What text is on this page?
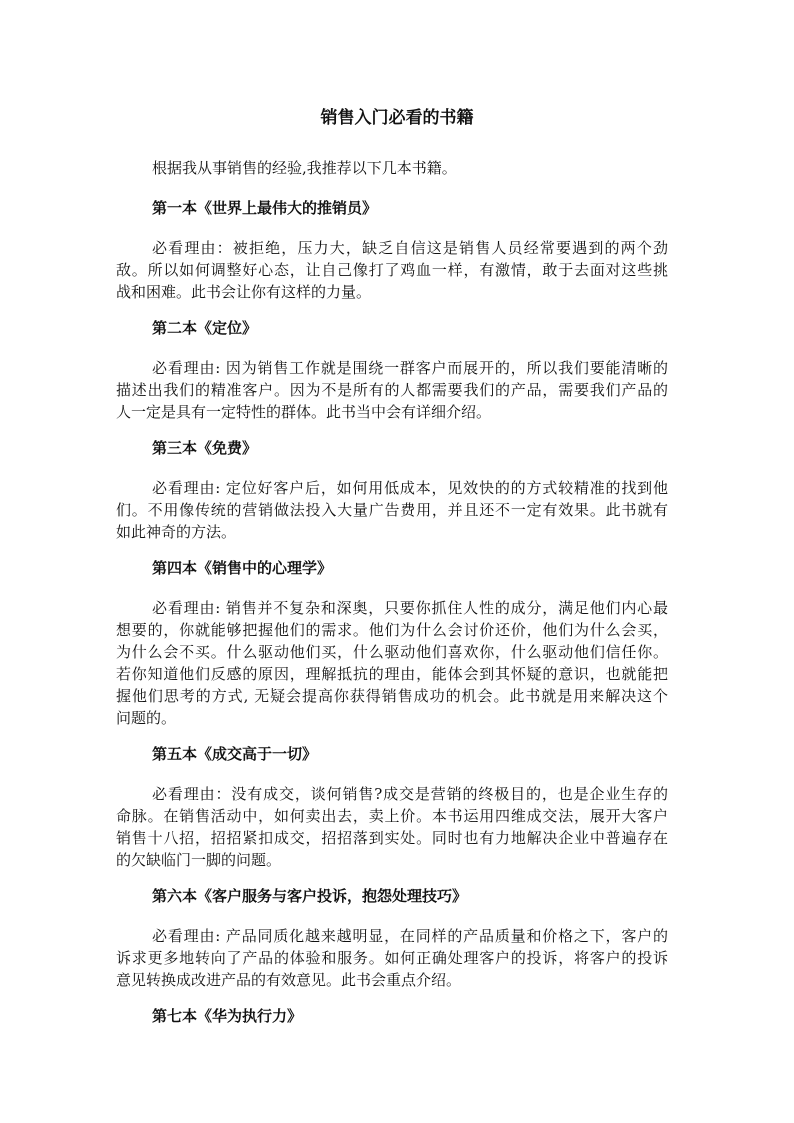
销售入门必看的书籍

根据我从事销售的经验,我推荐以下几本书籍。

第一本《世界上最伟大的推销员》
必看理由：被拒绝，压力大，缺乏自信这是销售人员经常要遇到的两个劲
敌。所以如何调整好心态，让自己像打了鸡血一样，有激情，敢于去面对这些挑
战和困难。此书会让你有这样的力量。
第二本《定位》
必看理由: 因为销售工作就是围绕一群客户而展开的，所以我们要能清晰的
描述出我们的精准客户。因为不是所有的人都需要我们的产品，需要我们产品的
人一定是具有一定特性的群体。此书当中会有详细介绍。
第三本《免费》
必看理由: 定位好客户后，如何用低成本，见效快的的方式较精准的找到他
们。不用像传统的营销做法投入大量广告费用，并且还不一定有效果。此书就有
如此神奇的方法。
第四本《销售中的心理学》
必看理由: 销售并不复杂和深奥，只要你抓住人性的成分，满足他们内心最
想要的，你就能够把握他们的需求。他们为什么会讨价还价，他们为什么会买，
为什么会不买。什么驱动他们买，什么驱动他们喜欢你，什么驱动他们信任你。
若你知道他们反感的原因，理解抵抗的理由，能体会到其怀疑的意识，也就能把
握他们思考的方式, 无疑会提高你获得销售成功的机会。此书就是用来解决这个
问题的。
第五本《成交高于一切》
必看理由：没有成交，谈何销售?成交是营销的终极目的，也是企业生存的
命脉。在销售活动中，如何卖出去，卖上价。本书运用四维成交法，展开大客户
销售十八招，招招紧扣成交，招招落到实处。同时也有力地解决企业中普遍存在
的欠缺临门一脚的问题。
第六本《客户服务与客户投诉，抱怨处理技巧》
必看理由: 产品同质化越来越明显，在同样的产品质量和价格之下，客户的
诉求更多地转向了产品的体验和服务。如何正确处理客户的投诉，将客户的投诉
意见转换成改进产品的有效意见。此书会重点介绍。
第七本《华为执行力》
